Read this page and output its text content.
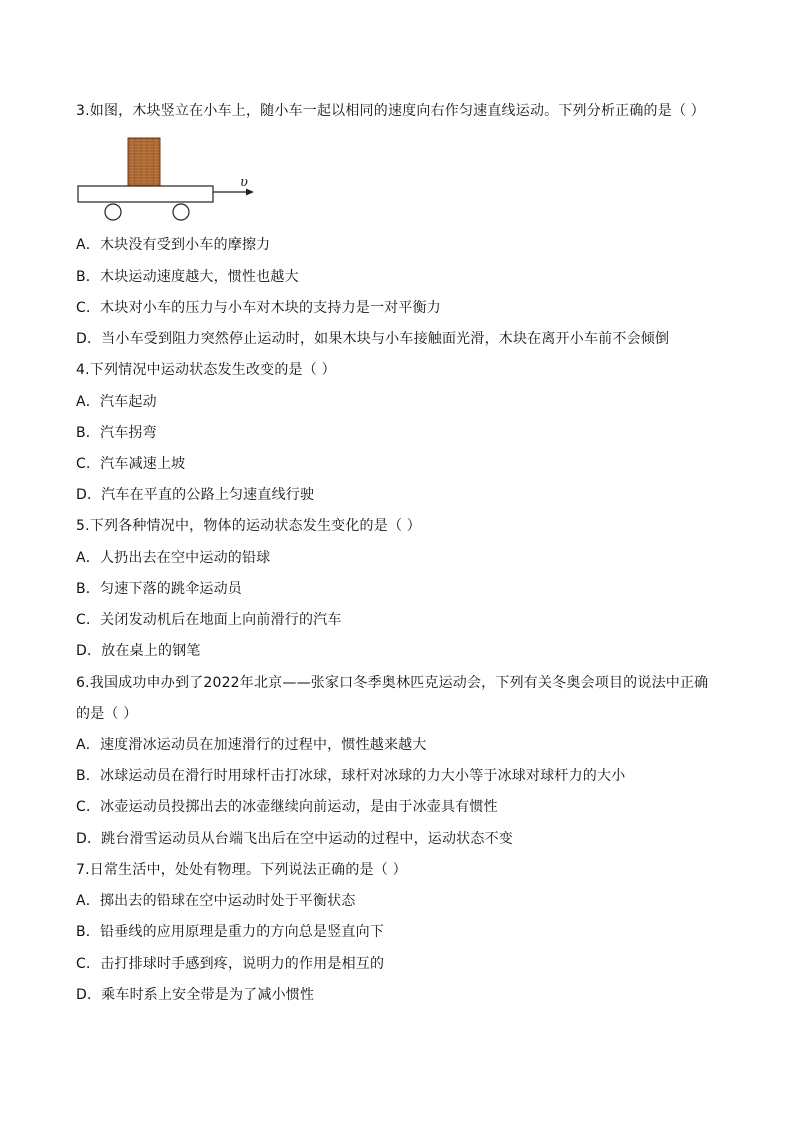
3.如图，木块竖立在小车上，随小车一起以相同的速度向右作匀速直线运动。下列分析正确的是（ ）
υ
A．木块没有受到小车的摩擦力
B．木块运动速度越大，惯性也越大
C．木块对小车的压力与小车对木块的支持力是一对平衡力
D．当小车受到阻力突然停止运动时，如果木块与小车接触面光滑，木块在离开小车前不会倾倒
4.下列情况中运动状态发生改变的是（ ）
A．汽车起动
B．汽车拐弯
C．汽车减速上坡
D．汽车在平直的公路上匀速直线行驶
5.下列各种情况中，物体的运动状态发生变化的是（ ）
A．人扔出去在空中运动的铅球
B．匀速下落的跳伞运动员
C．关闭发动机后在地面上向前滑行的汽车
D．放在桌上的钢笔
6.我国成功申办到了2022年北京——张家口冬季奥林匹克运动会，下列有关冬奥会项目的说法中正确
的是（ ）
A．速度滑冰运动员在加速滑行的过程中，惯性越来越大
B．冰球运动员在滑行时用球杆击打冰球，球杆对冰球的力大小等于冰球对球杆力的大小
C．冰壶运动员投掷出去的冰壶继续向前运动，是由于冰壶具有惯性
D．跳台滑雪运动员从台端飞出后在空中运动的过程中，运动状态不变
7.日常生活中，处处有物理。下列说法正确的是（ ）
A．掷出去的铅球在空中运动时处于平衡状态
B．铅垂线的应用原理是重力的方向总是竖直向下
C．击打排球时手感到疼，说明力的作用是相互的
D．乘车时系上安全带是为了减小惯性
